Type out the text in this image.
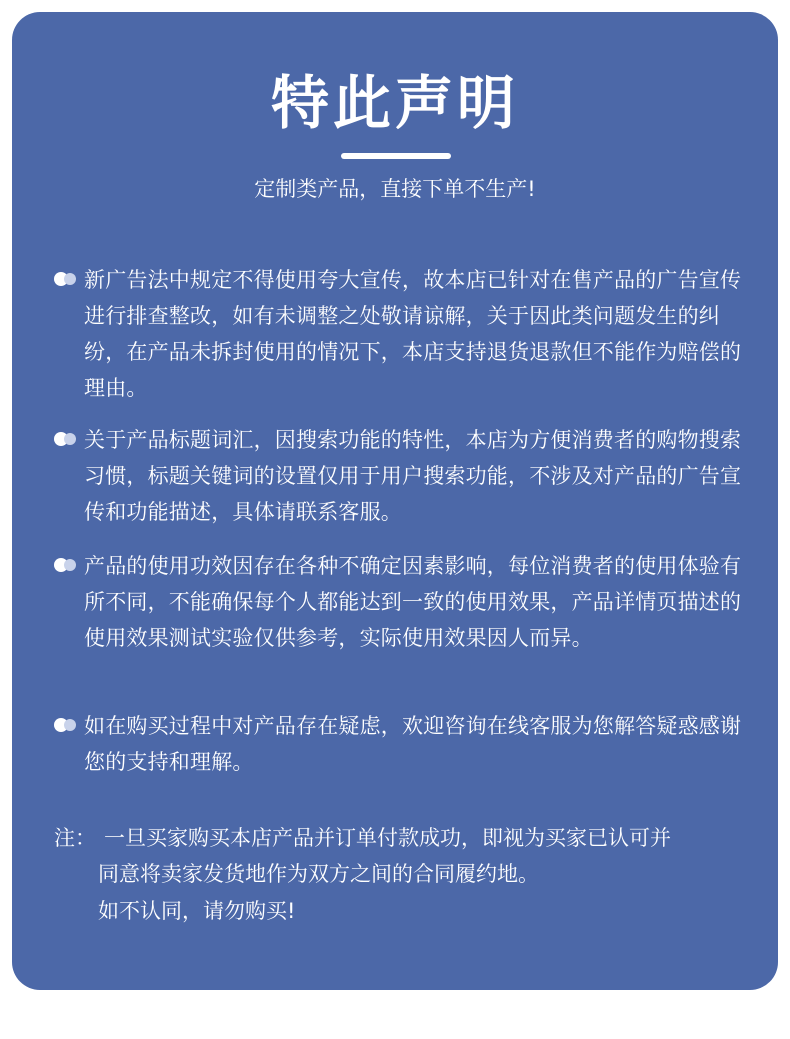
特此声明
定制类产品，直接下单不生产!
新广告法中规定不得使用夸大宣传，故本店已针对在售产品的广告宣传进行排查整改，如有未调整之处敬请谅解，关于因此类问题发生的纠纷，在产品未拆封使用的情况下，本店支持退货退款但不能作为赔偿的理由。
关于产品标题词汇，因搜索功能的特性，本店为方便消费者的购物搜索习惯，标题关键词的设置仅用于用户搜索功能，不涉及对产品的广告宣传和功能描述，具体请联系客服。
产品的使用功效因存在各种不确定因素影响，每位消费者的使用体验有所不同，不能确保每个人都能达到一致的使用效果，产品详情页描述的使用效果测试实验仅供参考，实际使用效果因人而异。
如在购买过程中对产品存在疑虑，欢迎咨询在线客服为您解答疑惑感谢您的支持和理解。
注： 一旦买家购买本店产品并订单付款成功，即视为买家已认可并
同意将卖家发货地作为双方之间的合同履约地。
如不认同，请勿购买!
